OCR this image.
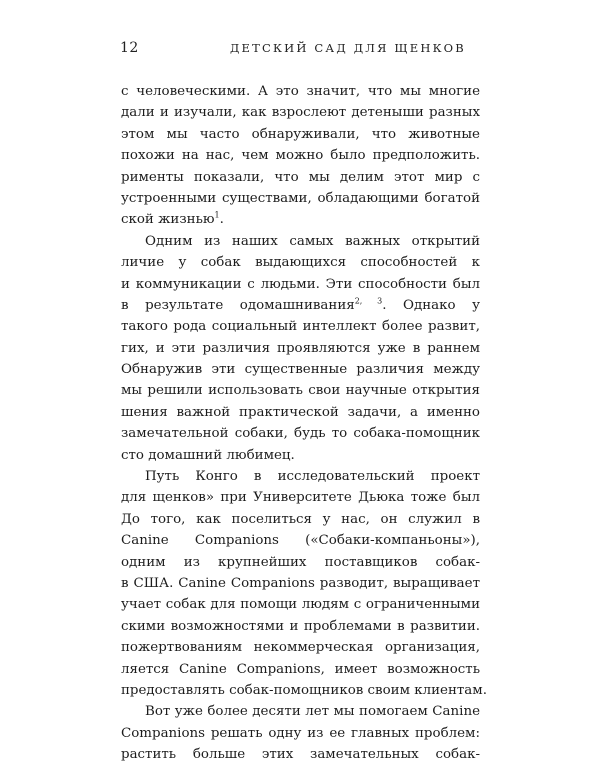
12	ДЕТСКИЙ САД ДЛЯ ЩЕНКОВ
с человеческими. А это значит, что мы многие
дали и изучали, как взрослеют детеныши разных
этом мы часто обнаруживали, что животные
похожи на нас, чем можно было предположить.
рименты показали, что мы делим этот мир с
устроенными существами, обладающими богатой
ской жизнью$^1$.
Одним из наших самых важных открытий
личие у собак выдающихся способностей к
и коммуникации с людьми. Эти способности был
в результате одомашнивания$^{2, 3}$. Однако у
такого рода социальный интеллект более развит,
гих, и эти различия проявляются уже в раннем
Обнаружив эти существенные различия между
мы решили использовать свои научные открытия
шения важной практической задачи, а именно
замечательной собаки, будь то собака-помощник
сто домашний любимец.
Путь Конго в исследовательский проект
для щенков» при Университете Дьюка тоже был
До того, как поселиться у нас, он служил в
Canine Companions («Собаки-компаньоны»),
одним из крупнейших поставщиков собак-
в США. Canine Companions разводит, выращивает
учает собак для помощи людям с ограниченными
скими возможностями и проблемами в развитии.
пожертвованиям некоммерческая организация,
ляется Canine Companions, имеет возможность
предоставлять собак-помощников своим клиентам.
Вот уже более десяти лет мы помогаем Canine
Companions решать одну из ее главных проблем:
растить больше этих замечательных собак-
